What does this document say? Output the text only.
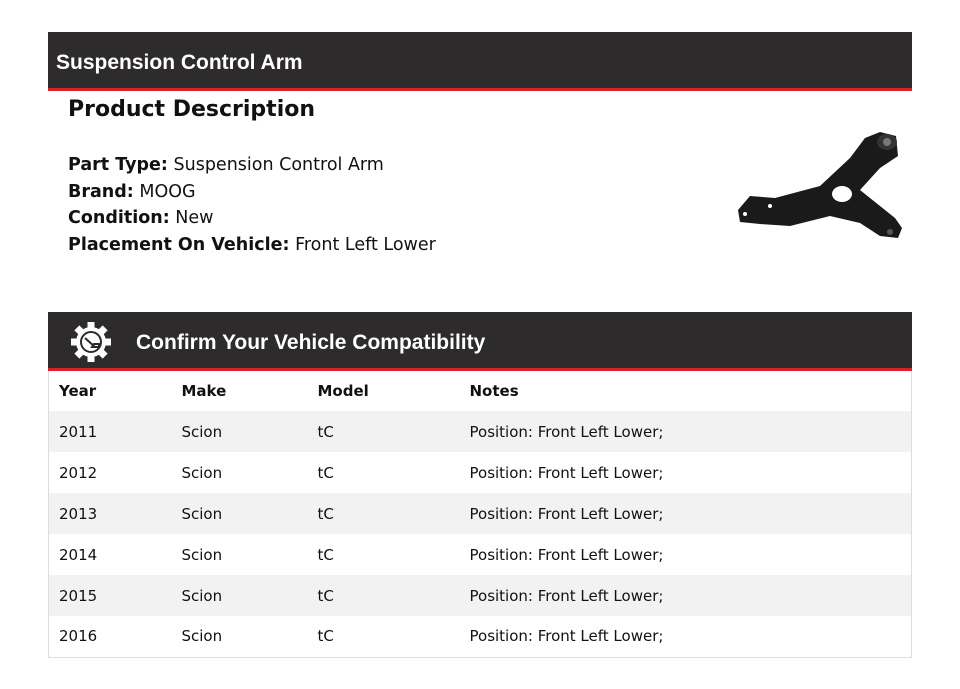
Suspension Control Arm
Product Description
Part Type: Suspension Control Arm
Brand: MOOG
Condition: New
Placement On Vehicle: Front Left Lower
Confirm Your Vehicle Compatibility
Year	Make	Model	Notes
2011	Scion	tC	Position: Front Left Lower;
2012	Scion	tC	Position: Front Left Lower;
2013	Scion	tC	Position: Front Left Lower;
2014	Scion	tC	Position: Front Left Lower;
2015	Scion	tC	Position: Front Left Lower;
2016	Scion	tC	Position: Front Left Lower;
